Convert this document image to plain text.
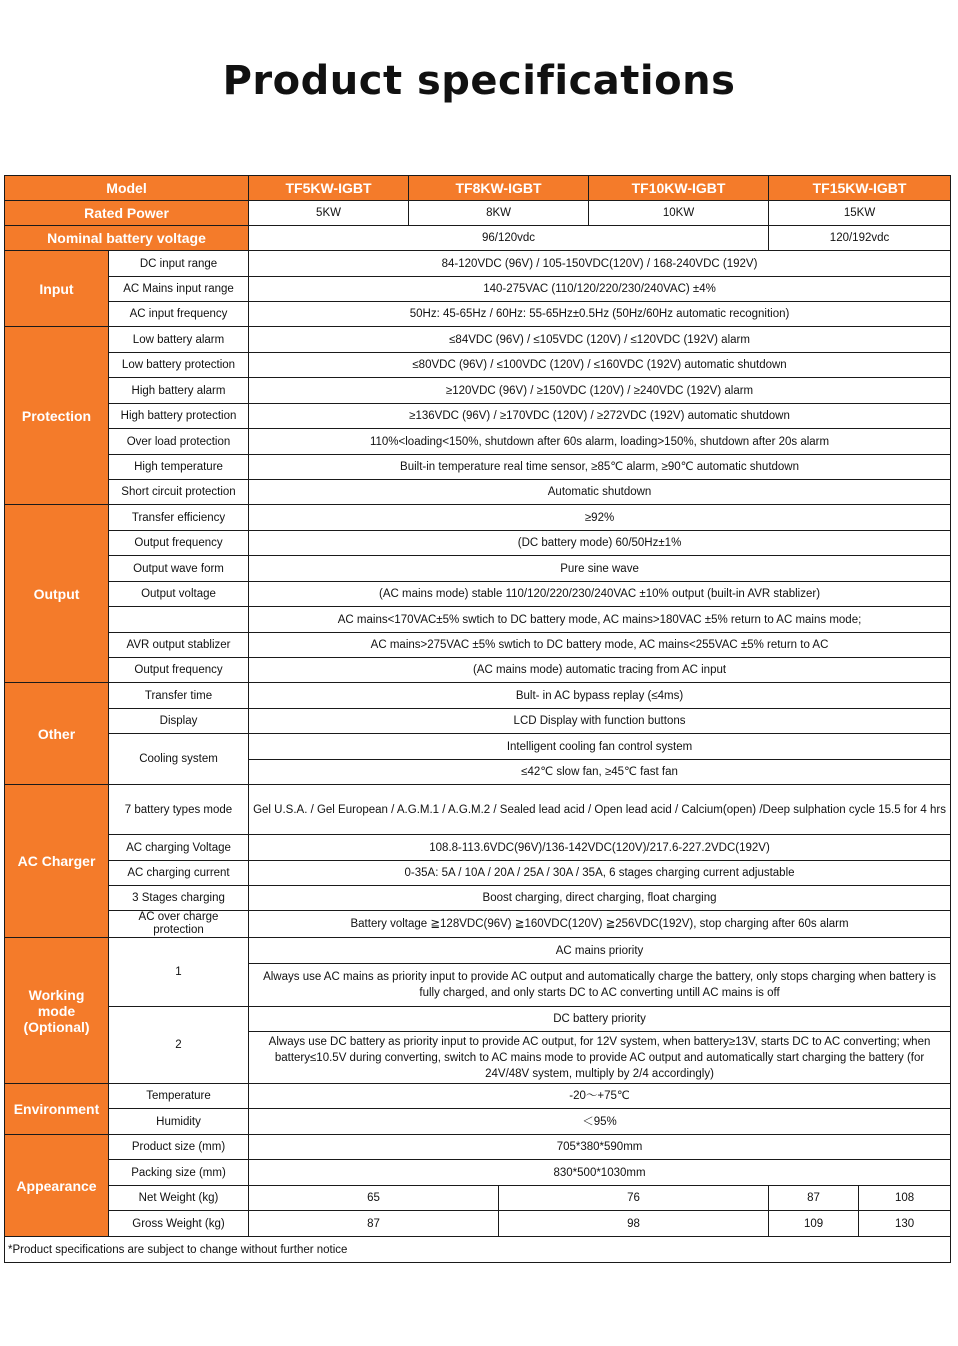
Product specifications
Model		TF5KW-IGBT	TF8KW-IGBT		TF10KW-IGBT	TF15KW-IGBT	
Rated Power		5KW	8KW		10KW	15KW	
Nominal battery voltage		96/120vdc				120/192vdc	
Input	DC input range	84-120VDC (96V) / 105-150VDC(120V) / 168-240VDC (192V)					
	AC Mains input range	140-275VAC (110/120/220/230/240VAC) ±4%					
	AC input frequency	50Hz: 45-65Hz / 60Hz: 55-65Hz±0.5Hz (50Hz/60Hz automatic recognition)					
Protection	Low battery alarm	≤84VDC (96V) / ≤105VDC (120V) / ≤120VDC (192V) alarm					
	Low battery protection	≤80VDC (96V) / ≤100VDC (120V) / ≤160VDC (192V) automatic shutdown					
	High battery alarm	≥120VDC (96V) / ≥150VDC (120V) / ≥240VDC (192V) alarm					
	High battery protection	≥136VDC (96V) / ≥170VDC (120V) / ≥272VDC (192V) automatic shutdown					
	Over load protection	110%<loading<150%, shutdown after 60s alarm, loading>150%, shutdown after 20s alarm					
	High temperature	Built-in temperature real time sensor, ≥85℃ alarm, ≥90℃ automatic shutdown					
	Short circuit protection	Automatic shutdown					
Output	Transfer efficiency	≥92%					
	Output frequency	(DC battery mode) 60/50Hz±1%					
	Output wave form	Pure sine wave					
	Output voltage	(AC mains mode) stable 110/120/220/230/240VAC ±10% output (built-in AVR stablizer)					
		AC mains<170VAC±5% swtich to DC battery mode, AC mains>180VAC ±5% return to AC mains mode;					
	AVR output stablizer	AC mains>275VAC ±5% swtich to DC battery mode, AC mains<255VAC ±5% return to AC					
	Output frequency	(AC mains mode) automatic tracing from AC input					
Other	Transfer time	Bult- in AC bypass replay (≤4ms)					
	Display	LCD Display with function buttons					
	Cooling system	Intelligent cooling fan control system					
		≤42℃ slow fan, ≥45℃ fast fan					
AC Charger	7 battery types mode	Gel U.S.A. / Gel European / A.G.M.1 / A.G.M.2 / Sealed lead acid / Open lead acid / Calcium(open) /Deep sulphation cycle 15.5 for 4 hrs					
	AC charging Voltage	108.8-113.6VDC(96V)/136-142VDC(120V)/217.6-227.2VDC(192V)					
	AC charging current	0-35A: 5A / 10A / 20A / 25A / 30A / 35A, 6 stages charging current adjustable					
	3 Stages charging	Boost charging, direct charging, float charging					
	AC over charge protection	Battery voltage ≧128VDC(96V) ≧160VDC(120V) ≧256VDC(192V), stop charging after 60s alarm					
Working mode (Optional)	1	AC mains priority					
		Always use AC mains as priority input to provide AC output and automatically charge the battery, only stops charging when battery is fully charged, and only starts DC to AC converting untill AC mains is off					
	2	DC battery priority					
		Always use DC battery as priority input to provide AC output, for 12V system, when battery≥13V, starts DC to AC converting; when battery≤10.5V during converting, switch to AC mains mode to provide AC output and automatically start charging the battery (for 24V/48V system, multiply by 2/4 accordingly)					
Environment	Temperature	-20～+75℃					
	Humidity	＜95%					
Appearance	Product size (mm)	705*380*590mm					
	Packing size (mm)	830*500*1030mm					
	Net Weight (kg)	65		76		87	108
	Gross Weight (kg)	87		98		109	130
*Product specifications are subject to change without further notice							
